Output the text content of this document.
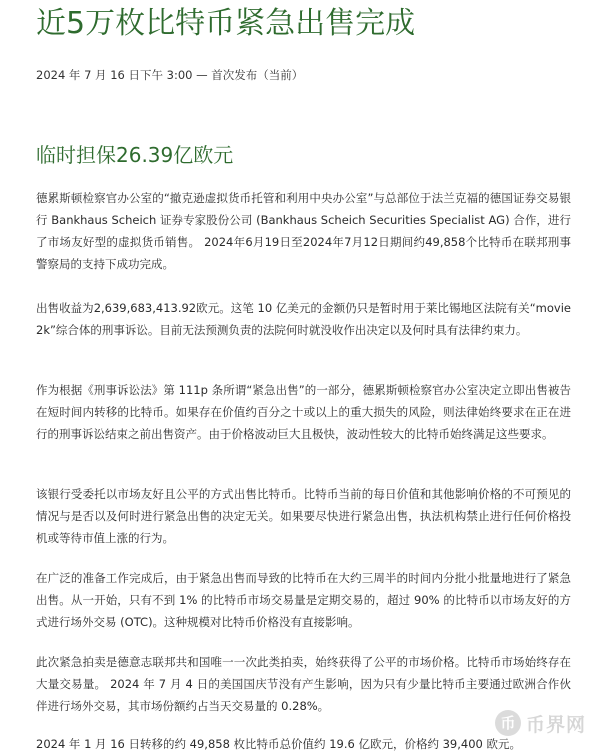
近5万枚比特币紧急出售完成
2024 年 7 月 16 日下午 3:00 — 首次发布（当前）
临时担保26.39亿欧元

德累斯顿检察官办公室的“撤克逊虚拟货币托管和利用中央办公室”与总部位于法兰克福的德国证券交易银行 Bankhaus Scheich 证券专家股份公司 (Bankhaus Scheich Securities Specialist AG) 合作，进行了市场友好型的虚拟货币销售。 2024年6月19日至2024年7月12日期间约49,858个比特币在联邦刑事警察局的支持下成功完成。

出售收益为2,639,683,413.92欧元。这笔 10 亿美元的金额仍只是暂时用于莱比锡地区法院有关“movie2k”综合体的刑事诉讼。目前无法预测负责的法院何时就没收作出决定以及何时具有法律约束力。

作为根据《刑事诉讼法》第 111p 条所谓“紧急出售”的一部分，德累斯顿检察官办公室决定立即出售被告在短时间内转移的比特币。如果存在价值约百分之十或以上的重大损失的风险，则法律始终要求在正在进行的刑事诉讼结束之前出售资产。由于价格波动巨大且极快，波动性较大的比特币始终满足这些要求。

该银行受委托以市场友好且公平的方式出售比特币。比特币当前的每日价值和其他影响价格的不可预见的情况与是否以及何时进行紧急出售的决定无关。如果要尽快进行紧急出售，执法机构禁止进行任何价格投机或等待市值上涨的行为。

在广泛的准备工作完成后，由于紧急出售而导致的比特币在大约三周半的时间内分批小批量地进行了紧急出售。从一开始，只有不到 1% 的比特币市场交易量是定期交易的，超过 90% 的比特币以市场友好的方式进行场外交易 (OTC)。这种规模对比特币价格没有直接影响。

此次紧急拍卖是德意志联邦共和国唯一一次此类拍卖，始终获得了公平的市场价格。比特币市场始终存在大量交易量。 2024 年 7 月 4 日的美国国庆节没有产生影响，因为只有少量比特币主要通过欧洲合作伙伴进行场外交易，其市场份额约占当天交易量的 0.28%。

2024 年 1 月 16 日转移的约 49,858 枚比特币总价值约 19.6 亿欧元，价格约 39,400 欧元。

币 币界网
